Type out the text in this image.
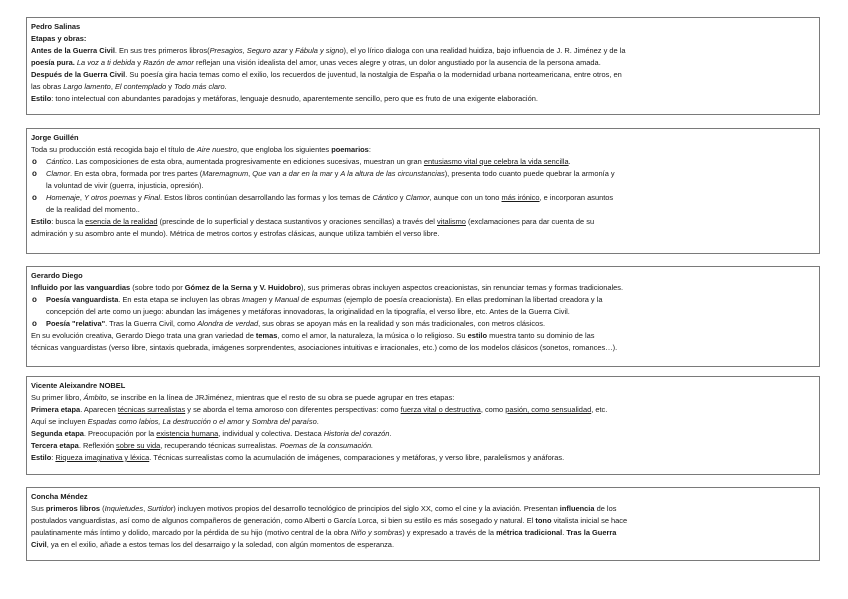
Pedro Salinas

Etapas y obras:

Antes de la Guerra Civil. En sus tres primeros libros(Presagios, Seguro azar y Fábula y signo), el yo lírico dialoga con una realidad huidiza, bajo influencia de J. R. Jiménez y de la

poesía pura. La voz a ti debida y Razón de amor reflejan una visión idealista del amor, unas veces alegre y otras, un dolor angustiado por la ausencia de la persona amada.

Después de la Guerra Civil. Su poesía gira hacia temas como el exilio, los recuerdos de juventud, la nostalgia de España o la modernidad urbana norteamericana, entre otros, en

las obras Largo lamento, El contemplado y Todo más claro.

Estilo: tono intelectual con abundantes paradojas y metáforas, lenguaje desnudo, aparentemente sencillo, pero que es fruto de una exigente elaboración.

Jorge Guillén

Toda su producción está recogida bajo el título de Aire nuestro, que engloba los siguientes poemarios:

o Cántico. Las composiciones de esta obra, aumentada progresivamente en ediciones sucesivas, muestran un gran entusiasmo vital que celebra la vida sencilla.

o Clamor. En esta obra, formada por tres partes (Maremagnum, Que van a dar en la mar y A la altura de las circunstancias), presenta todo cuanto puede quebrar la armonía y
la voluntad de vivir (guerra, injusticia, opresión).

o Homenaje, Y otros poemas y Final. Estos libros continúan desarrollando las formas y los temas de Cántico y Clamor, aunque con un tono más irónico, e incorporan asuntos
de la realidad del momento..

Estilo: busca la esencia de la realidad (prescinde de lo superficial y destaca sustantivos y oraciones sencillas) a través del vitalismo (exclamaciones para dar cuenta de su
admiración y su asombro ante el mundo). Métrica de metros cortos y estrofas clásicas, aunque utiliza también el verso libre.

Gerardo Diego

Influido por las vanguardias (sobre todo por Gómez de la Serna y V. Huidobro), sus primeras obras incluyen aspectos creacionistas, sin renunciar temas y formas tradicionales.

o Poesía vanguardista. En esta etapa se incluyen las obras Imagen y Manual de espumas (ejemplo de poesía creacionista). En ellas predominan la libertad creadora y la
concepción del arte como un juego: abundan las imágenes y metáforas innovadoras, la originalidad en la tipografía, el verso libre, etc. Antes de la Guerra Civil.

o Poesía "relativa". Tras la Guerra Civil, como Alondra de verdad, sus obras se apoyan más en la realidad y son más tradicionales, con metros clásicos.

En su evolución creativa, Gerardo Diego trata una gran variedad de temas, como el amor, la naturaleza, la música o lo religioso. Su estilo muestra tanto su dominio de las
técnicas vanguardistas (verso libre, sintaxis quebrada, imágenes sorprendentes, asociaciones intuitivas e irracionales, etc.) como de los modelos clásicos (sonetos, romances…).

Vicente Aleixandre NOBEL

Su primer libro, Ámbito, se inscribe en la línea de JRJiménez, mientras que el resto de su obra se puede agrupar en tres etapas:

Primera etapa. Aparecen técnicas surrealistas y se aborda el tema amoroso con diferentes perspectivas: como fuerza vital o destructiva, como pasión, como sensualidad, etc.

Aquí se incluyen Espadas como labios, La destrucción o el amor y Sombra del paraíso.

Segunda etapa. Preocupación por la existencia humana, individual y colectiva. Destaca Historia del corazón.

Tercera etapa. Reflexión sobre su vida, recuperando técnicas surrealistas. Poemas de la consumación.

Estilo: Riqueza imaginativa y léxica. Técnicas surrealistas como la acumulación de imágenes, comparaciones y metáforas, y verso libre, paralelismos y anáforas.

Concha Méndez

Sus primeros libros (Inquietudes, Surtidor) incluyen motivos propios del desarrollo tecnológico de principios del siglo XX, como el cine y la aviación. Presentan influencia de los

postulados vanguardistas, así como de algunos compañeros de generación, como Alberti o García Lorca, si bien su estilo es más sosegado y natural. El tono vitalista inicial se hace

paulatinamente más íntimo y dolido, marcado por la pérdida de su hijo (motivo central de la obra Niño y sombras) y expresado a través de la métrica tradicional. Tras la Guerra

Civil, ya en el exilio, añade a estos temas los del desarraigo y la soledad, con algún momentos de esperanza.
